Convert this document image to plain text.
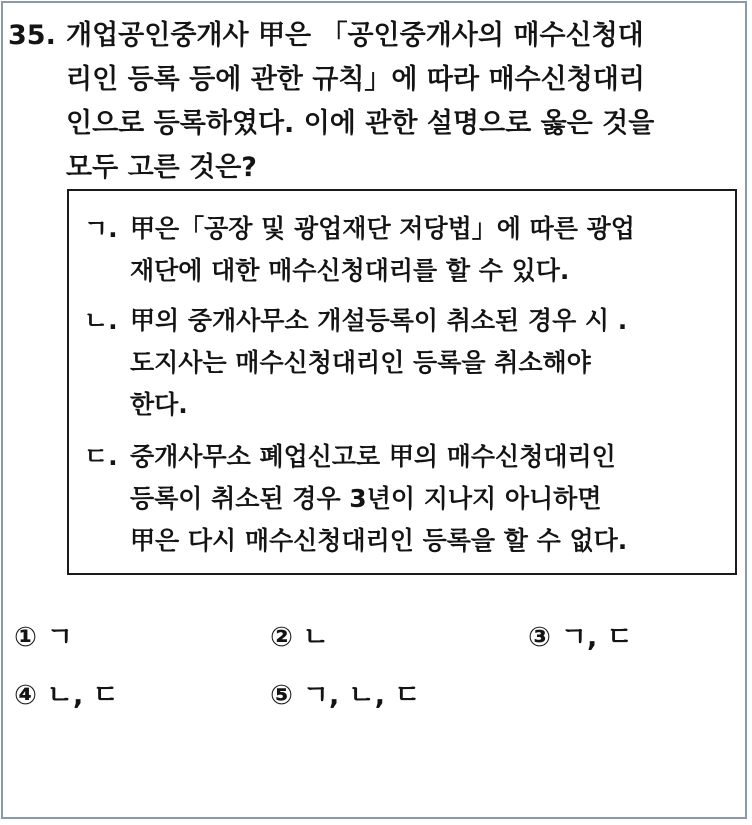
35. 개업공인중개사 甲은 「공인중개사의 매수신청대
리인 등록 등에 관한 규칙」에 따라 매수신청대리
인으로 등록하였다. 이에 관한 설명으로 옳은 것을
모두 고른 것은?
ㄱ. 甲은「공장 및 광업재단 저당법」에 따른 광업
재단에 대한 매수신청대리를 할 수 있다.
ㄴ. 甲의 중개사무소 개설등록이 취소된 경우 시 .
도지사는 매수신청대리인 등록을 취소해야
한다.
ㄷ. 중개사무소 폐업신고로 甲의 매수신청대리인
등록이 취소된 경우 3년이 지나지 아니하면
甲은 다시 매수신청대리인 등록을 할 수 없다.
① ㄱ	② ㄴ	③ ㄱ, ㄷ
④ ㄴ, ㄷ	⑤ ㄱ, ㄴ, ㄷ
